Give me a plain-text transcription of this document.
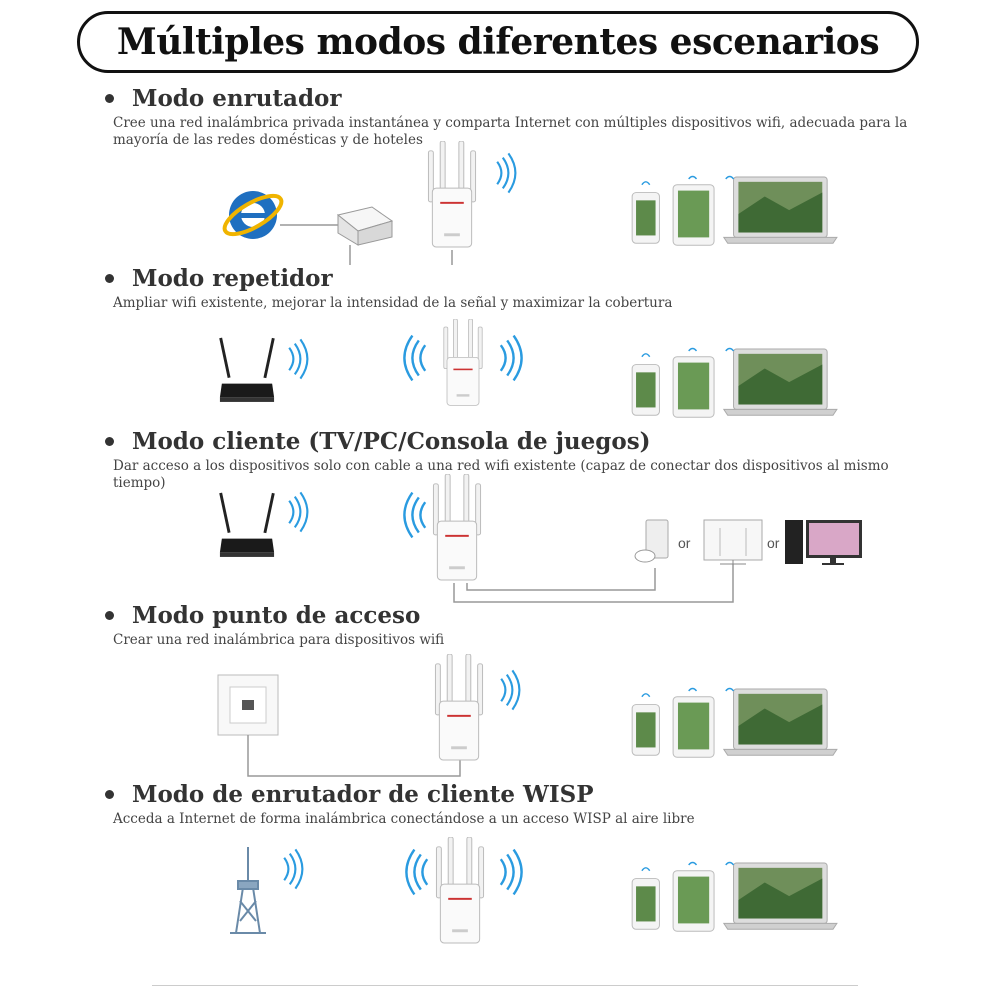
Múltiples modos diferentes escenarios
Modo enrutador
Cree una red inalámbrica privada instantánea y comparta Internet con múltiples dispositivos wifi, adecuada para la mayoría de las redes domésticas y de hoteles
Modo repetidor
Ampliar wifi existente, mejorar la intensidad de la señal y maximizar la cobertura
Modo cliente (TV/PC/Consola de juegos)
Dar acceso a los dispositivos solo con cable a una red wifi existente (capaz de conectar dos dispositivos al mismo tiempo)
or	or
Modo punto de acceso
Crear una red inalámbrica para dispositivos wifi
Modo de enrutador de cliente WISP
Acceda a Internet de forma inalámbrica conectándose a un acceso WISP al aire libre
